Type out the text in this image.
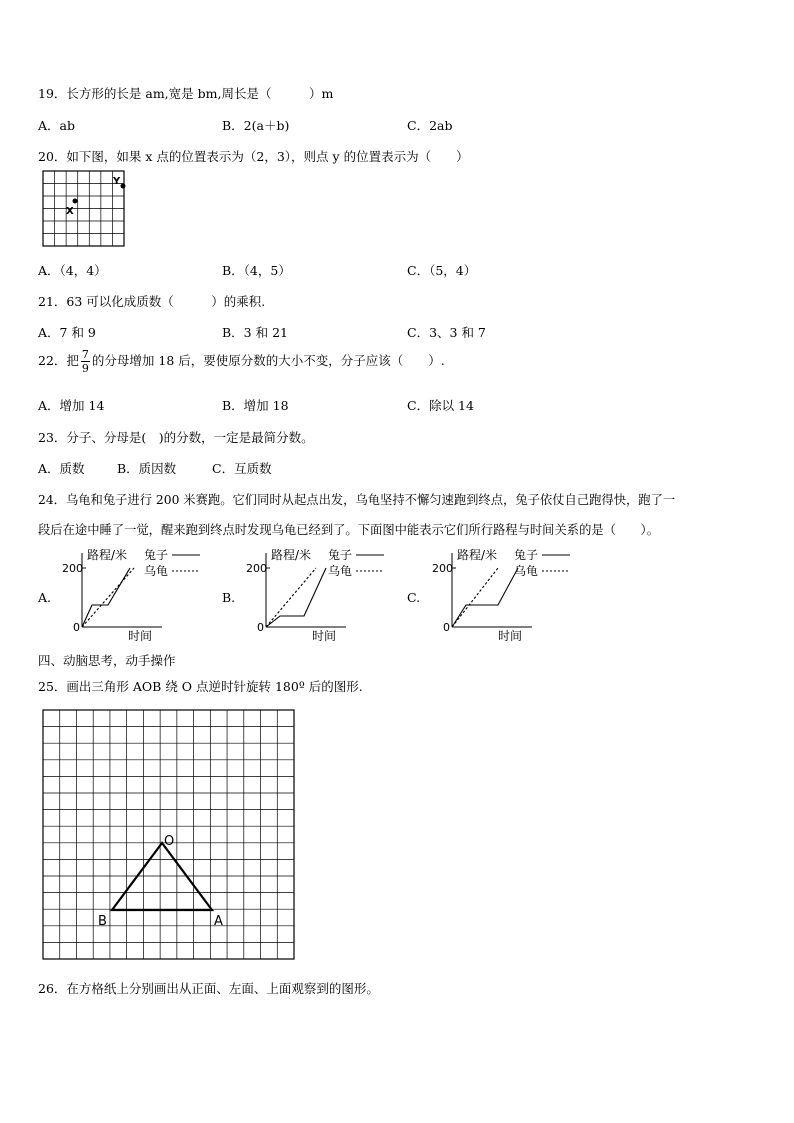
19．长方形的长是 am,宽是 bm,周长是（　　　）m
A．ab	B．2(a＋b)	C．2ab
20．如下图，如果 x 点的位置表示为（2，3），则点 y 的位置表示为（　　）
X
Y
A．（4，4）	B．（4，5）	C．（5，4）
21．63 可以化成质数（　　　）的乘积.
A．7 和 9	B．3 和 21	C．3、3 和 7
22．把 $\frac{7}{9}$ 的分母增加 18 后，要使原分数的大小不变，分子应该（　　）.
A．增加 14	B．增加 18	C．除以 14
23．分子、分母是(　)的分数，一定是最简分数。
A．质数	B．质因数	C．互质数
24．乌龟和兔子进行 200 米赛跑。它们同时从起点出发，乌龟坚持不懈匀速跑到终点，兔子依仗自己跑得快，跑了一
段后在途中睡了一觉，醒来跑到终点时发现乌龟已经到了。下面图中能表示它们所行路程与时间关系的是（　　）。
A.	B.	C.
200
0
路程/米
时间
兔子
乌龟	200
0
路程/米
时间
兔子
乌龟	200
0
路程/米
时间
兔子
乌龟
四、动脑思考，动手操作
25．画出三角形 AOB 绕 O 点逆时针旋转 180º 后的图形.
O
A
B
26．在方格纸上分别画出从正面、左面、上面观察到的图形。
